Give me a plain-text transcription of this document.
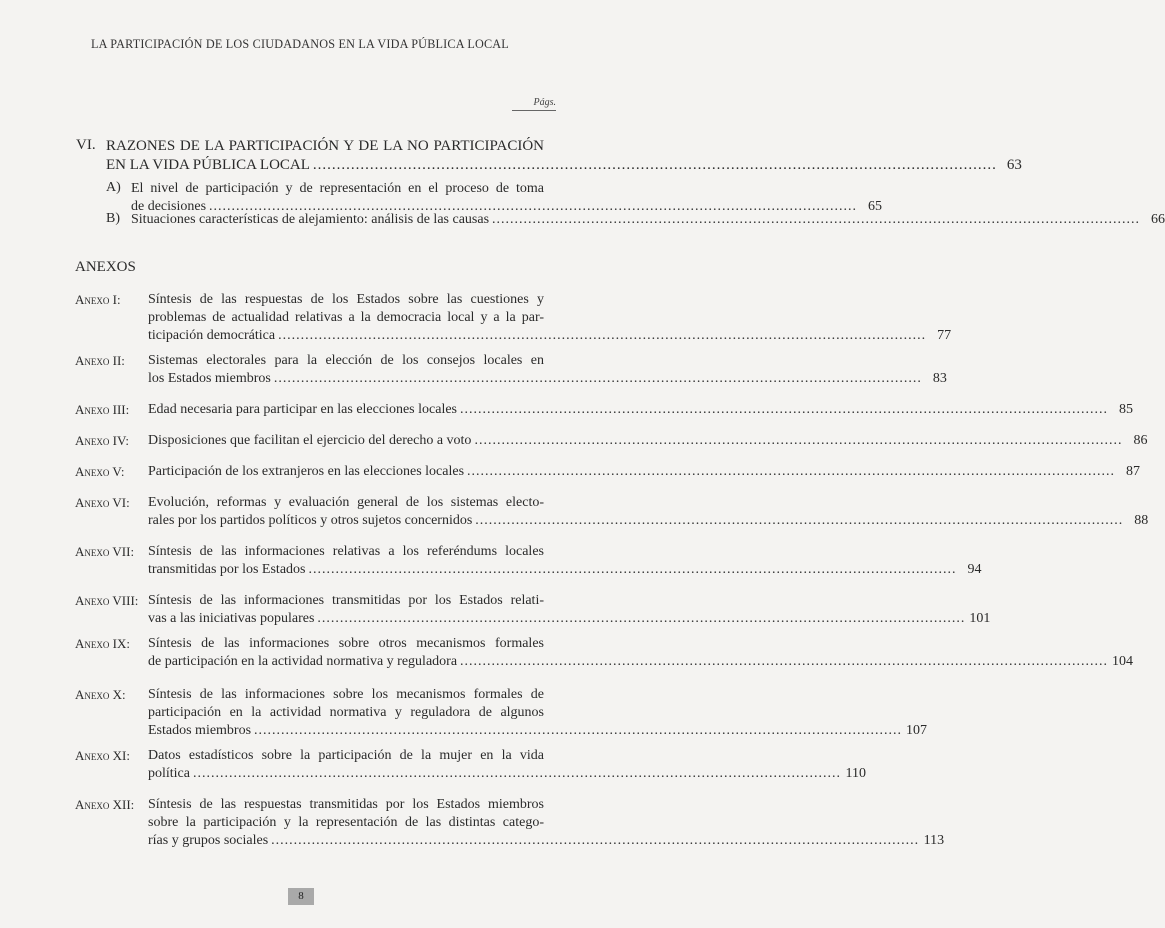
LA PARTICIPACIÓN DE LOS CIUDADANOS EN LA VIDA PÚBLICA LOCAL
Págs.
VI. RAZONES DE LA PARTICIPACIÓN Y DE LA NO PARTICIPACIÓN
EN LA VIDA PÚBLICA LOCAL ................................................................................................................................................ 63
A) El nivel de participación y de representación en el proceso de toma
de decisiones ................................................................................................................................................ 65
B) Situaciones características de alejamiento: análisis de las causas ................................................................................................................................................ 66
ANEXOS
Anexo I:	Síntesis de las respuestas de los Estados sobre las cuestiones y
problemas de actualidad relativas a la democracia local y a la par-
ticipación democrática ................................................................................................................................................ 77
Anexo II:	Sistemas electorales para la elección de los consejos locales en
los Estados miembros ................................................................................................................................................ 83
Anexo III:	Edad necesaria para participar en las elecciones locales ................................................................................................................................................ 85
Anexo IV:	Disposiciones que facilitan el ejercicio del derecho a voto ................................................................................................................................................ 86
Anexo V:	Participación de los extranjeros en las elecciones locales ................................................................................................................................................ 87
Anexo VI:	Evolución, reformas y evaluación general de los sistemas electo-
rales por los partidos políticos y otros sujetos concernidos ................................................................................................................................................ 88
Anexo VII: Síntesis de las informaciones relativas a los referéndums locales
transmitidas por los Estados ................................................................................................................................................ 94
Anexo VIII: Síntesis de las informaciones transmitidas por los Estados relati-
vas a las iniciativas populares ................................................................................................................................................ 101
Anexo IX:	Síntesis de las informaciones sobre otros mecanismos formales
de participación en la actividad normativa y reguladora ................................................................................................................................................ 104
Anexo X:	Síntesis de las informaciones sobre los mecanismos formales de
participación en la actividad normativa y reguladora de algunos
Estados miembros ................................................................................................................................................ 107
Anexo XI:	Datos estadísticos sobre la participación de la mujer en la vida
política ................................................................................................................................................ 110
Anexo XII: Síntesis de las respuestas transmitidas por los Estados miembros
sobre la participación y la representación de las distintas catego-
rías y grupos sociales ................................................................................................................................................ 113
8
